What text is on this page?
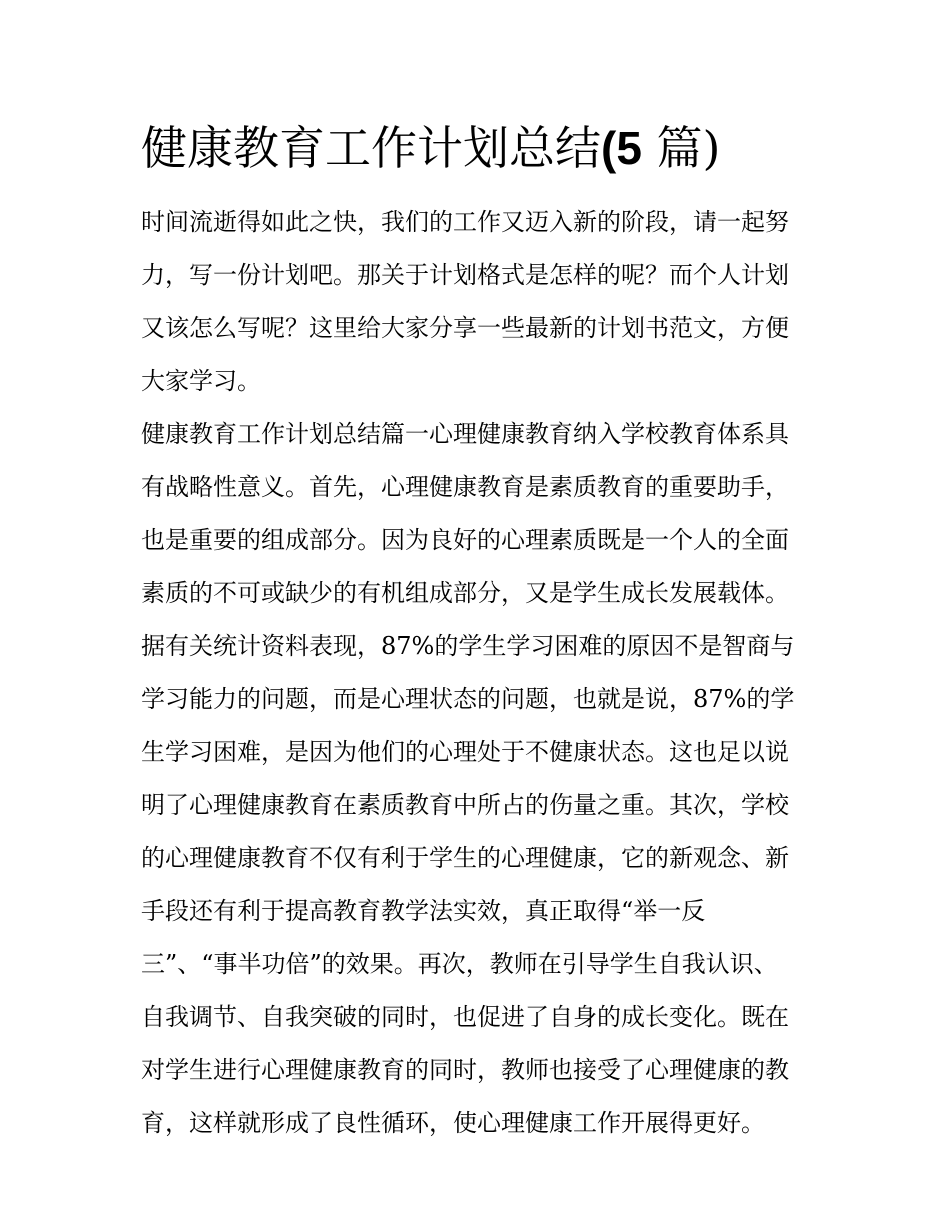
健康教育工作计划总结(5 篇)
时间流逝得如此之快，我们的工作又迈入新的阶段，请一起努
力，写一份计划吧。那关于计划格式是怎样的呢？而个人计划
又该怎么写呢？这里给大家分享一些最新的计划书范文，方便
大家学习。
健康教育工作计划总结篇一心理健康教育纳入学校教育体系具
有战略性意义。首先，心理健康教育是素质教育的重要助手，
也是重要的组成部分。因为良好的心理素质既是一个人的全面
素质的不可或缺少的有机组成部分，又是学生成长发展载体。
据有关统计资料表现，87%的学生学习困难的原因不是智商与
学习能力的问题，而是心理状态的问题，也就是说，87%的学
生学习困难，是因为他们的心理处于不健康状态。这也足以说
明了心理健康教育在素质教育中所占的伤量之重。其次，学校
的心理健康教育不仅有利于学生的心理健康，它的新观念、新
手段还有利于提高教育教学法实效，真正取得“举一反
三”、“事半功倍”的效果。再次，教师在引导学生自我认识、
自我调节、自我突破的同时，也促进了自身的成长变化。既在
对学生进行心理健康教育的同时，教师也接受了心理健康的教
育，这样就形成了良性循环，使心理健康工作开展得更好。
